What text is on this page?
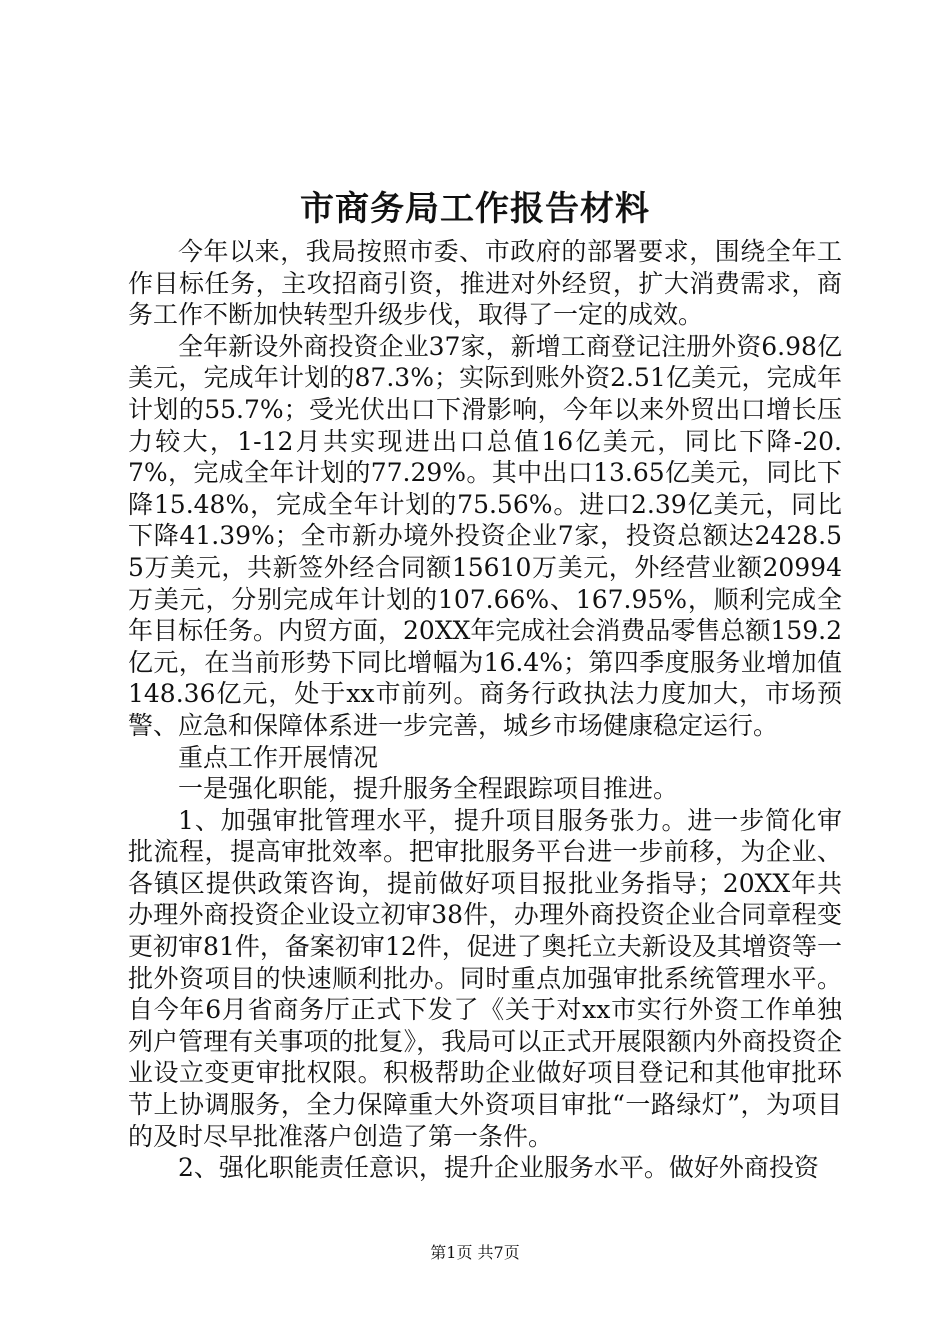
市商务局工作报告材料

今年以来，我局按照市委、市政府的部署要求，围绕全年工作目标任务，主攻招商引资，推进对外经贸，扩大消费需求，商务工作不断加快转型升级步伐，取得了一定的成效。

全年新设外商投资企业37家，新增工商登记注册外资6.98亿美元，完成年计划的87.3%；实际到账外资2.51亿美元，完成年计划的55.7%；受光伏出口下滑影响，今年以来外贸出口增长压力较大，1-12月共实现进出口总值16亿美元，同比下降-20.7%，完成全年计划的77.29%。其中出口13.65亿美元，同比下降15.48%，完成全年计划的75.56%。进口2.39亿美元，同比下降41.39%；全市新办境外投资企业7家，投资总额达2428.55万美元，共新签外经合同额15610万美元，外经营业额20994万美元，分别完成年计划的107.66%、167.95%，顺利完成全年目标任务。内贸方面，20XX年完成社会消费品零售总额159.2亿元，在当前形势下同比增幅为16.4%；第四季度服务业增加值148.36亿元，处于xx市前列。商务行政执法力度加大，市场预警、应急和保障体系进一步完善，城乡市场健康稳定运行。

重点工作开展情况

一是强化职能，提升服务全程跟踪项目推进。

1、加强审批管理水平，提升项目服务张力。进一步简化审批流程，提高审批效率。把审批服务平台进一步前移，为企业、各镇区提供政策咨询，提前做好项目报批业务指导；20XX年共办理外商投资企业设立初审38件，办理外商投资企业合同章程变更初审81件，备案初审12件，促进了奥托立夫新设及其增资等一批外资项目的快速顺利批办。同时重点加强审批系统管理水平。自今年6月省商务厅正式下发了《关于对xx市实行外资工作单独列户管理有关事项的批复》，我局可以正式开展限额内外商投资企业设立变更审批权限。积极帮助企业做好项目登记和其他审批环节上协调服务，全力保障重大外资项目审批“一路绿灯”，为项目的及时尽早批准落户创造了第一条件。

2、强化职能责任意识，提升企业服务水平。做好外商投资

第1页 共7页
